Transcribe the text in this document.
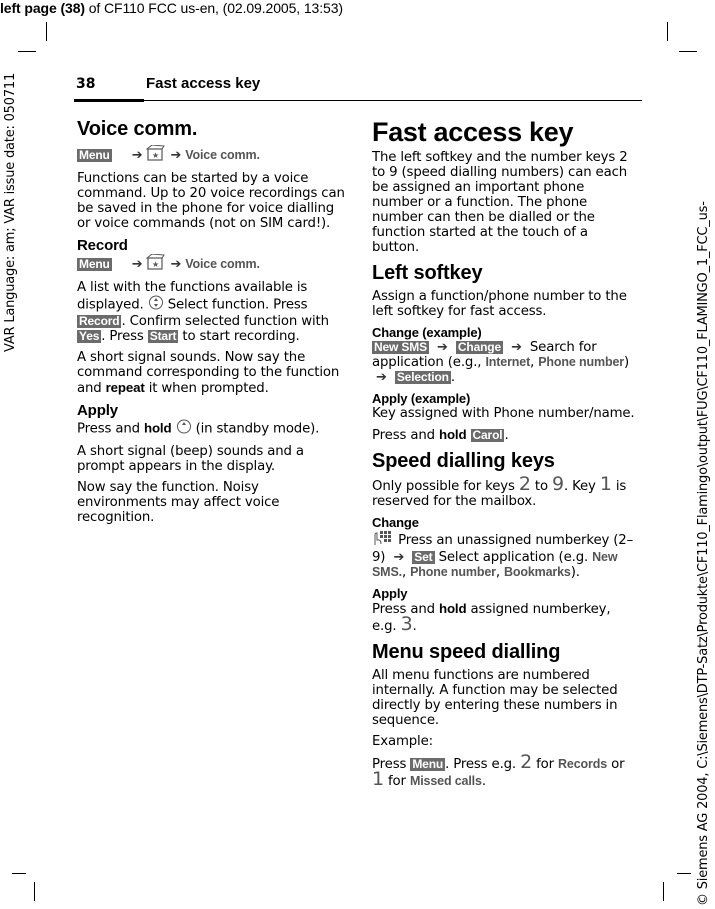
left page (38) of CF110 FCC us-en, (02.09.2005, 13:53)
VAR Language: am; VAR issue date: 050711	© Siemens AG 2004, C:\Siemens\DTP-Satz\Produkte\CF110_Flamingo\output\FUG\CF110_FLAMINGO_1_FCC_us-
38	Fast access key
Voice comm.
Menu ➔ ★ ➔ Voice comm.

Functions can be started by a voice command. Up to 20 voice recordings can be saved in the phone for voice dialling or voice commands (not on SIM card!).

Record
Menu ➔ ★ ➔ Voice comm.

A list with the functions available is displayed. Select function. Press Record . Confirm selected function with Yes . Press Start to start recording.

A short signal sounds. Now say the command corresponding to the function and repeat it when prompted.

Apply

Press and hold (in standby mode).

A short signal (beep) sounds and a prompt appears in the display.

Now say the function. Noisy environments may affect voice recognition.

Fast access key

The left softkey and the number keys 2 to 9 (speed dialling numbers) can each be assigned an important phone number or a function. The phone number can then be dialled or the function started at the touch of a button.

Left softkey

Assign a function/phone number to the left softkey for fast access.

Change (example)

New SMS ➔ Change ➔ Search for application (e.g., Internet, Phone number) ➔ Selection .

Apply (example)

Key assigned with Phone number/name.

Press and hold Carol .

Speed dialling keys

Only possible for keys 2 to 9. Key 1 is reserved for the mailbox.

Change

Press an unassigned numberkey (2–9) ➔ Set Select application (e.g. New SMS., Phone number, Bookmarks).

Apply

Press and hold assigned numberkey, e.g. 3.

Menu speed dialling

All menu functions are numbered internally. A function may be selected directly by entering these numbers in sequence.

Example:

Press Menu . Press e.g. 2 for Records or
1 for Missed calls.
